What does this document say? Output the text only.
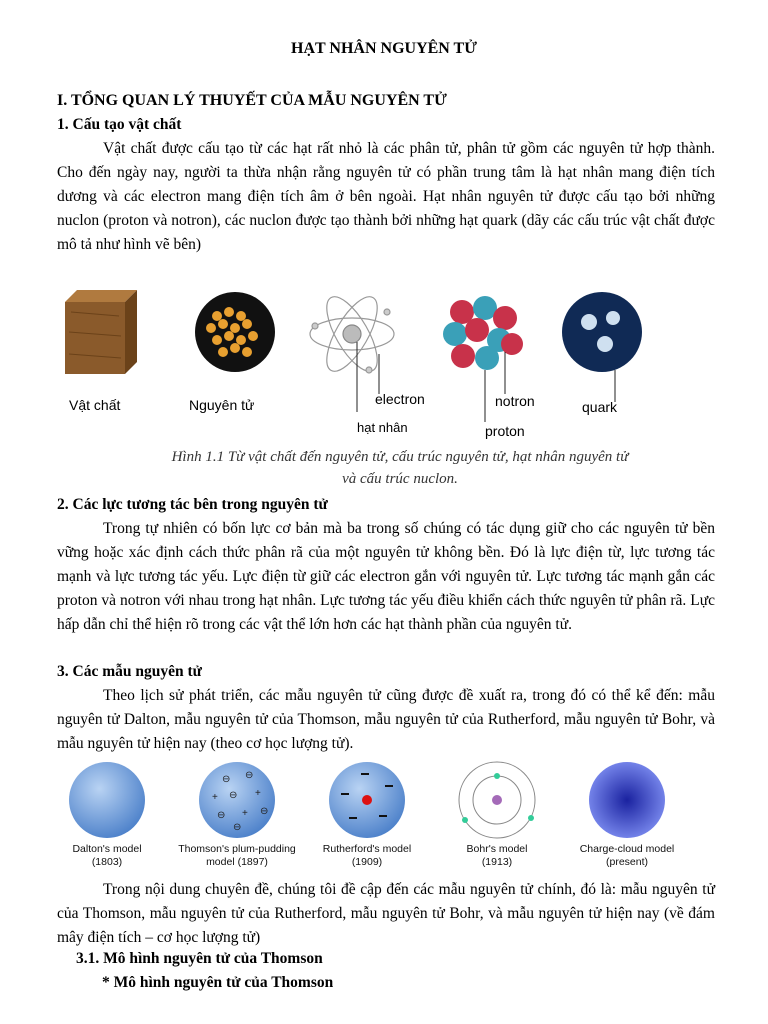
HẠT NHÂN NGUYÊN TỬ
I. TỔNG QUAN LÝ THUYẾT CỦA MẪU NGUYÊN TỬ
1. Cấu tạo vật chất
Vật chất được cấu tạo từ các hạt rất nhỏ là các phân tử, phân tử gồm các nguyên tử hợp thành. Cho đến ngày nay, người ta thừa nhận rằng nguyên tử có phần trung tâm là hạt nhân mang điện tích dương và các electron mang điện tích âm ở bên ngoài. Hạt nhân nguyên tử được cấu tạo bởi những nuclon (proton và notron), các nuclon được tạo thành bởi những hạt quark (dãy các cấu trúc vật chất được mô tả như hình vẽ bên)
Vật chất	Nguyên tử	electron
hạt nhân
notron
proton
quark
Hình 1.1 Từ vật chất đến nguyên tử, cấu trúc nguyên tử, hạt nhân nguyên tử
và cấu trúc nuclon.
2. Các lực tương tác bên trong nguyên tử
Trong tự nhiên có bốn lực cơ bản mà ba trong số chúng có tác dụng giữ cho các nguyên tử bền vững hoặc xác định cách thức phân rã của một nguyên tử không bền. Đó là lực điện từ, lực tương tác mạnh và lực tương tác yếu. Lực điện từ giữ các electron gắn với nguyên tử. Lực tương tác mạnh gắn các proton và notron với nhau trong hạt nhân. Lực tương tác yếu điều khiển cách thức nguyên tử phân rã. Lực hấp dẫn chỉ thể hiện rõ trong các vật thể lớn hơn các hạt thành phần của nguyên tử.
3. Các mẫu nguyên tử
Theo lịch sử phát triển, các mẫu nguyên tử cũng được đề xuất ra, trong đó có thể kể đến: mẫu nguyên tử Dalton, mẫu nguyên tử của Thomson, mẫu nguyên tử của Rutherford, mẫu nguyên tử Bohr, và mẫu nguyên tử hiện nay (theo cơ học lượng tử).
⊖ ⊖
+ ⊖ +
⊖ + ⊖
⊖
Dalton's model
(1803)
Thomson's plum-pudding
model (1897)
Rutherford's model
(1909)
Bohr's model
(1913)
Charge-cloud model
(present)
Trong nội dung chuyên đề, chúng tôi đề cập đến các mẫu nguyên tử chính, đó là: mẫu nguyên tử của Thomson, mẫu nguyên tử của Rutherford, mẫu nguyên tử Bohr, và mẫu nguyên tử hiện nay (về đám mây điện tích – cơ học lượng tử)
3.1. Mô hình nguyên tử của Thomson
* Mô hình nguyên tử của Thomson
